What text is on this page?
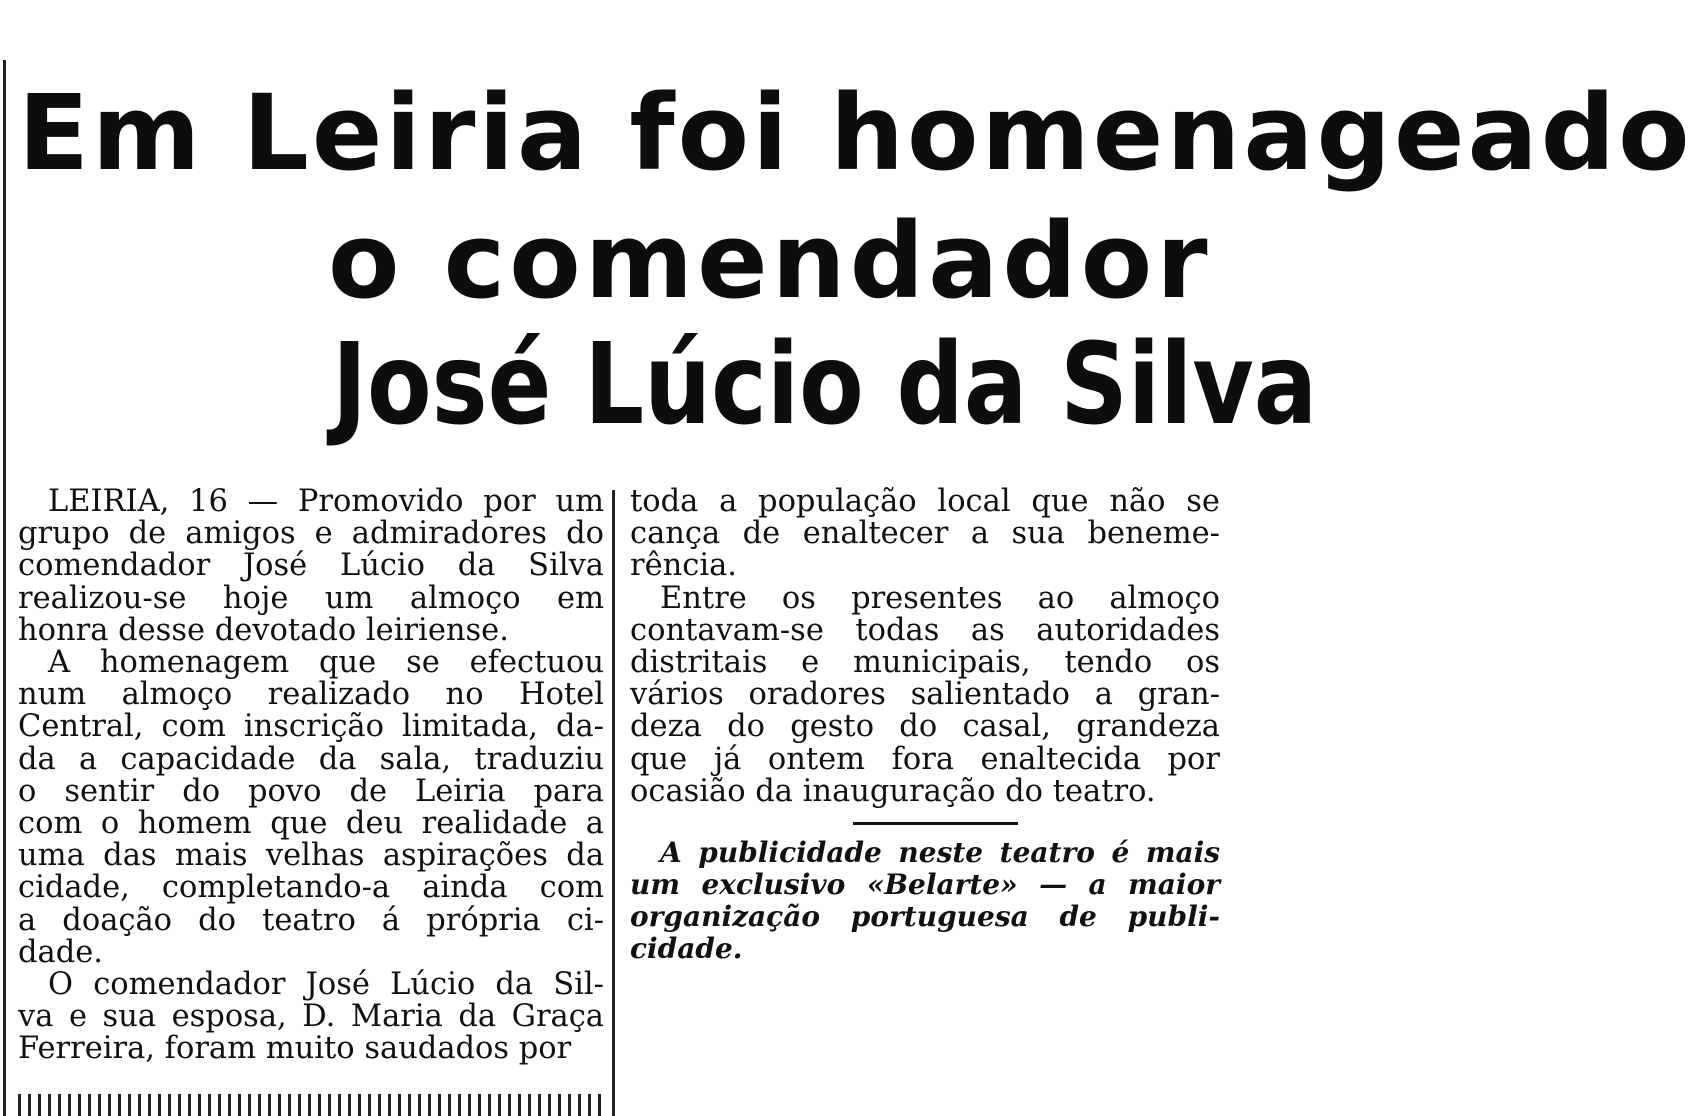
Em Leiria foi homenageado
o comendador
José Lúcio da Silva

LEIRIA, 16 — Promovido por um

grupo de amigos e admiradores do

comendador José Lúcio da Silva

realizou-se hoje um almoço em

honra desse devotado leiriense.

A homenagem que se efectuou

num almoço realizado no Hotel

Central, com inscrição limitada, da-

da a capacidade da sala, traduziu

o sentir do povo de Leiria para

com o homem que deu realidade a

uma das mais velhas aspirações da

cidade, completando-a ainda com

a doação do teatro á própria ci-

dade.

O comendador José Lúcio da Sil-

va e sua esposa, D. Maria da Graça

Ferreira, foram muito saudados por

toda a população local que não se

cança de enaltecer a sua beneme-

rência.

Entre os presentes ao almoço

contavam-se todas as autoridades

distritais e municipais, tendo os

vários oradores salientado a gran-

deza do gesto do casal, grandeza

que já ontem fora enaltecida por

ocasião da inauguração do teatro.

A publicidade neste teatro é mais

um exclusivo «Belarte» — a maior

organização portuguesa de publi-

cidade.
